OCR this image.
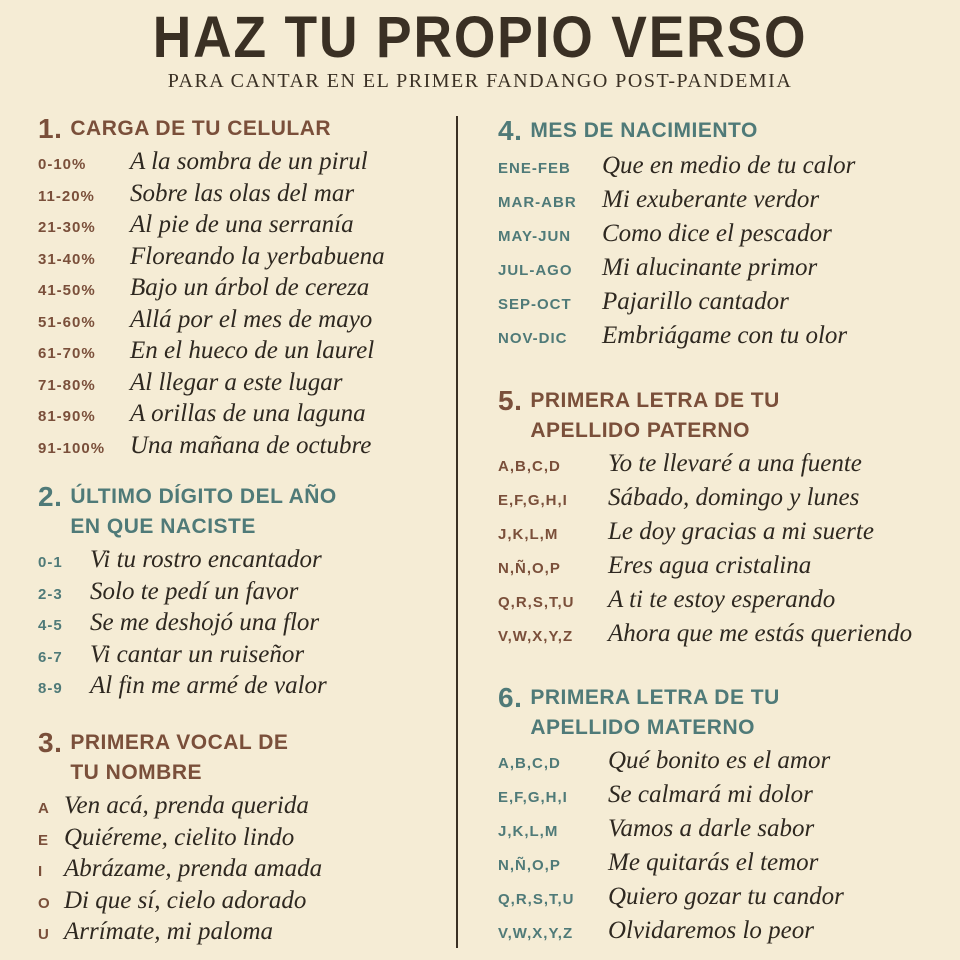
HAZ TU PROPIO VERSO
PARA CANTAR EN EL PRIMER FANDANGO POST-PANDEMIA
1. CARGA DE TU CELULAR
0-10%	A la sombra de un pirul
11-20%	Sobre las olas del mar
21-30%	Al pie de una serranía
31-40%	Floreando la yerbabuena
41-50%	Bajo un árbol de cereza
51-60%	Allá por el mes de mayo
61-70%	En el hueco de un laurel
71-80%	Al llegar a este lugar
81-90%	A orillas de una laguna
91-100% Una mañana de octubre
2. ÚLTIMO DÍGITO DEL AÑO
EN QUE NACISTE
0-1	Vi tu rostro encantador
2-3	Solo te pedí un favor
4-5	Se me deshojó una flor
6-7	Vi cantar un ruiseñor
8-9	Al fin me armé de valor
3. PRIMERA VOCAL DE
TU NOMBRE
A Ven acá, prenda querida
E Quiéreme, cielito lindo
I Abrázame, prenda amada
O Di que sí, cielo adorado
U Arrímate, mi paloma
4. MES DE NACIMIENTO
ENE-FEB	Que en medio de tu calor
MAR-ABR	Mi exuberante verdor
MAY-JUN	Como dice el pescador
JUL-AGO	Mi alucinante primor
SEP-OCT	Pajarillo cantador
NOV-DIC	Embriágame con tu olor
5. PRIMERA LETRA DE TU
APELLIDO PATERNO
A,B,C,D	Yo te llevaré a una fuente
E,F,G,H,I	Sábado, domingo y lunes
J,K,L,M	Le doy gracias a mi suerte
N,Ñ,O,P	Eres agua cristalina
Q,R,S,T,U	A ti te estoy esperando
V,W,X,Y,Z	Ahora que me estás queriendo
6. PRIMERA LETRA DE TU
APELLIDO MATERNO
A,B,C,D	Qué bonito es el amor
E,F,G,H,I	Se calmará mi dolor
J,K,L,M	Vamos a darle sabor
N,Ñ,O,P	Me quitarás el temor
Q,R,S,T,U	Quiero gozar tu candor
V,W,X,Y,Z	Olvidaremos lo peor
